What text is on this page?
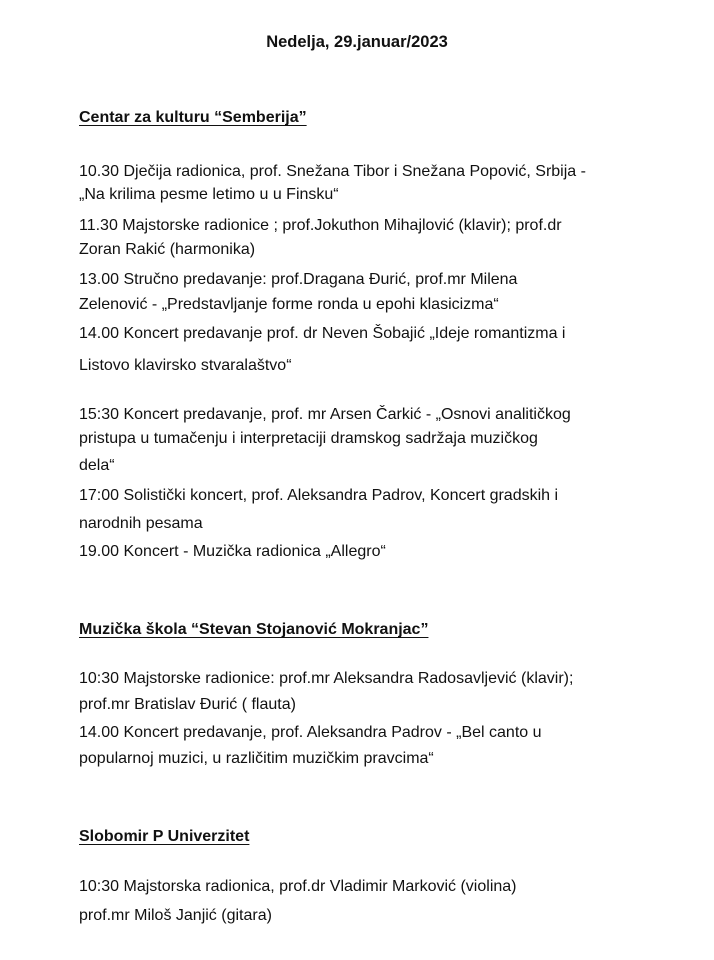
Nedelja, 29.januar/2023
Centar za kulturu “Semberija”
10.30 Dječija radionica, prof. Snežana Tibor i Snežana Popović, Srbija -
„Na krilima pesme letimo u u Finsku“
11.30 Majstorske radionice ; prof.Jokuthon Mihajlović (klavir); prof.dr
Zoran Rakić (harmonika)
13.00 Stručno predavanje: prof.Dragana Đurić, prof.mr Milena
Zelenović - „Predstavljanje forme ronda u epohi klasicizma“
14.00 Koncert predavanje prof. dr Neven Šobajić „Ideje romantizma i
Listovo klavirsko stvaralaštvo“
15:30 Koncert predavanje, prof. mr Arsen Čarkić - „Osnovi analitičkog
pristupa u tumačenju i interpretaciji dramskog sadržaja muzičkog
dela“
17:00 Solistički koncert, prof. Aleksandra Padrov, Koncert gradskih i
narodnih pesama
19.00 Koncert - Muzička radionica „Allegro“
Muzička škola “Stevan Stojanović Mokranjac”
10:30 Majstorske radionice: prof.mr Aleksandra Radosavljević (klavir);
prof.mr Bratislav Đurić ( flauta)
14.00 Koncert predavanje, prof. Aleksandra Padrov - „Bel canto u
popularnoj muzici, u različitim muzičkim pravcima“
Slobomir P Univerzitet
10:30 Majstorska radionica, prof.dr Vladimir Marković (violina)
prof.mr Miloš Janjić (gitara)
